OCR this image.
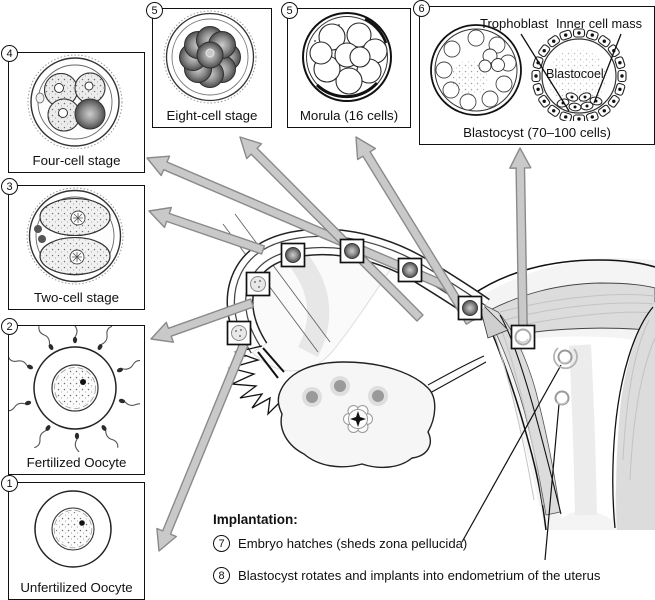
4
Four-cell stage
3
Two-cell stage
2
Fertilized Oocyte
1
Unfertilized Oocyte
5
Eight-cell stage
5
Morula (16 cells)
6
Trophoblast Inner cell mass
Blastocoel
Blastocyst (70–100 cells)
Implantation:
7	Embryo hatches (sheds zona pellucida)
8	Blastocyst rotates and implants into endometrium of the uterus
